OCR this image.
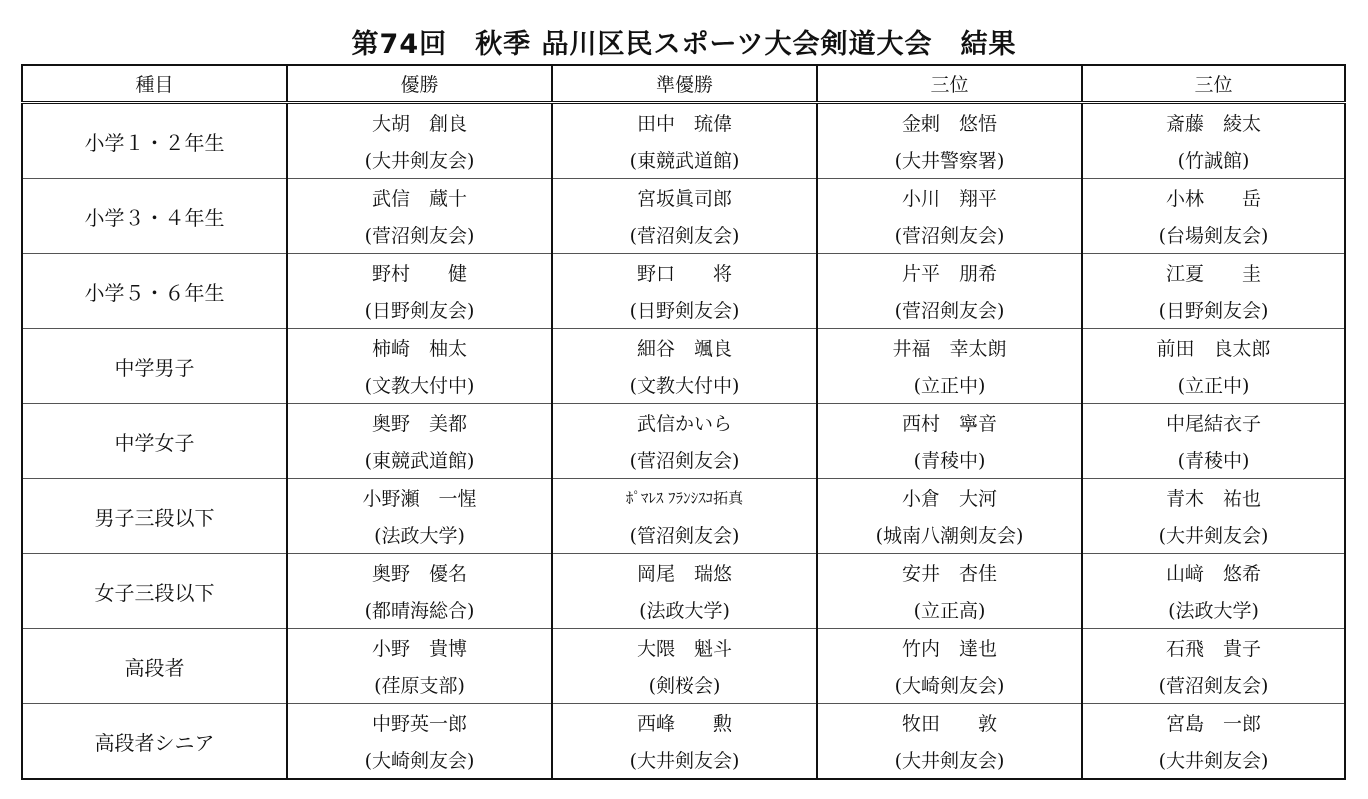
第74回　秋季 品川区民スポーツ大会剣道大会　結果
種目	優勝	準優勝	三位	三位
小学１・２年生	大胡　創良	田中　琉偉	金剌　悠悟	斎藤　綾太
	(大井剣友会)	(東競武道館)	(大井警察署)	(竹誠館)
小学３・４年生	武信　蔵十	宮坂眞司郎	小川　翔平	小林　　岳
	(菅沼剣友会)	(菅沼剣友会)	(菅沼剣友会)	(台場剣友会)
小学５・６年生	野村　　健	野口　　将	片平　朋希	江夏　　圭
	(日野剣友会)	(日野剣友会)	(菅沼剣友会)	(日野剣友会)
中学男子	柿崎　柚太	細谷　颯良	井福　幸太朗	前田　良太郎
	(文教大付中)	(文教大付中)	(立正中)	(立正中)
中学女子	奥野　美都	武信かいら	西村　寧音	中尾結衣子
	(東競武道館)	(菅沼剣友会)	(青稜中)	(青稜中)
男子三段以下	小野瀬　一惺	ﾎﾟﾏﾚｽ ﾌﾗﾝｼｽｺ拓真	小倉　大河	青木　祐也
	(法政大学)	(管沼剣友会)	(城南八潮剣友会)	(大井剣友会)
女子三段以下	奥野　優名	岡尾　瑞悠	安井　杏佳	山﨑　悠希
	(都晴海総合)	(法政大学)	(立正高)	(法政大学)
高段者	小野　貴博	大隈　魁斗	竹内　達也	石飛　貴子
	(荏原支部)	(剣桜会)	(大崎剣友会)	(菅沼剣友会)
高段者シニア	中野英一郎	西峰　　勲	牧田　　敦	宮島　一郎
	(大崎剣友会)	(大井剣友会)	(大井剣友会)	(大井剣友会)
